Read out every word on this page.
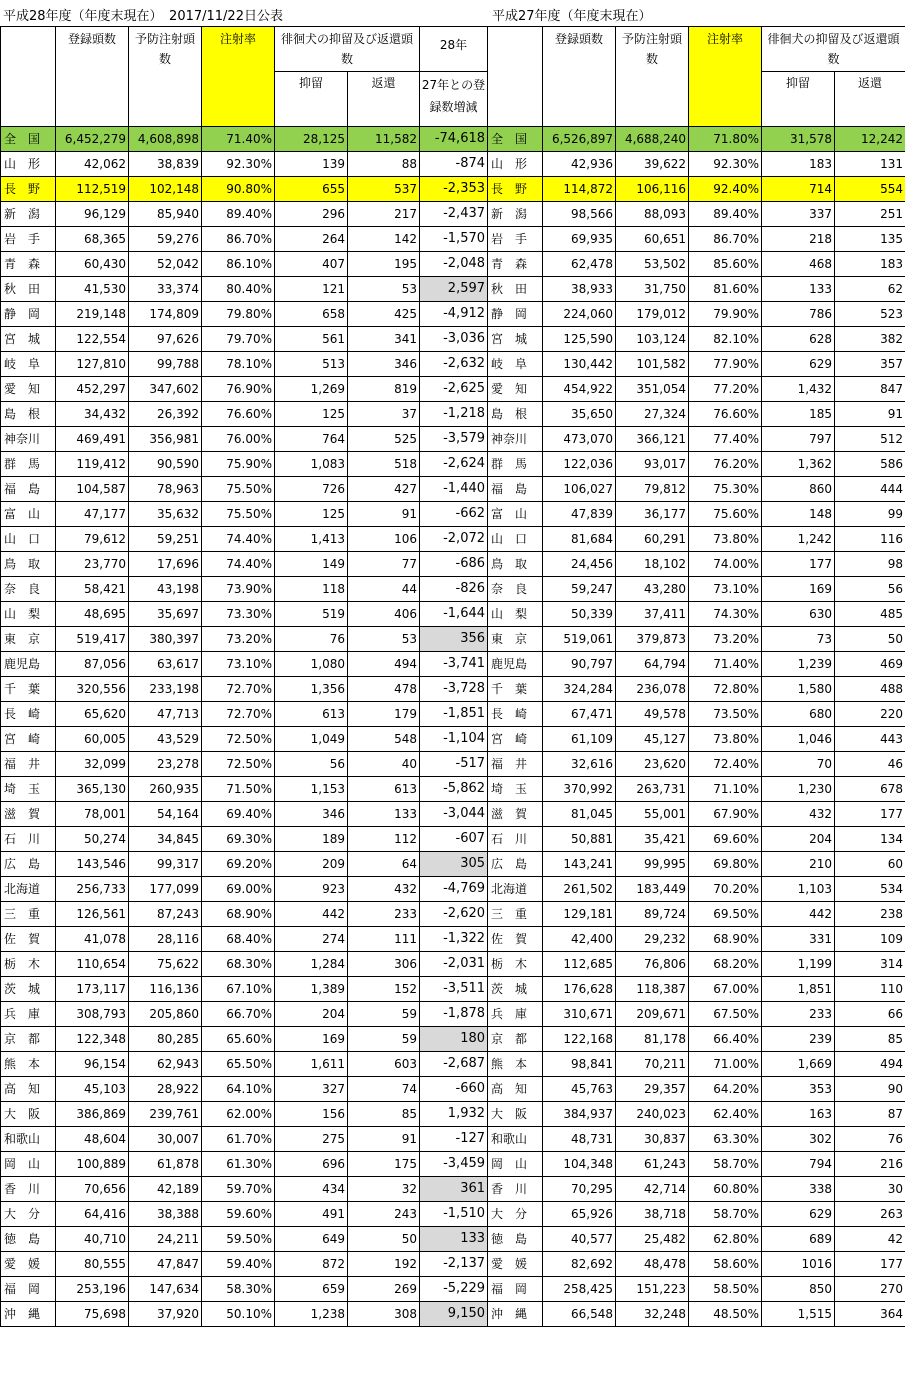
平成28年度（年度末現在）　2017/11/22日公表	平成27年度（年度末現在）
	登録頭数	予防注射頭数	注射率	徘徊犬の抑留及び返還頭数		28年		登録頭数	予防注射頭数	注射率	徘徊犬の抑留及び返還頭数	
				抑留	返還	27年との登録数増減					抑留	返還
全　国	6,452,279	4,608,898	71.40%	28,125	11,582	-74,618	全　国	6,526,897	4,688,240	71.80%	31,578	12,242
山　形	42,062	38,839	92.30%	139	88	-874	山　形	42,936	39,622	92.30%	183	131
長　野	112,519	102,148	90.80%	655	537	-2,353	長　野	114,872	106,116	92.40%	714	554
新　潟	96,129	85,940	89.40%	296	217	-2,437	新　潟	98,566	88,093	89.40%	337	251
岩　手	68,365	59,276	86.70%	264	142	-1,570	岩　手	69,935	60,651	86.70%	218	135
青　森	60,430	52,042	86.10%	407	195	-2,048	青　森	62,478	53,502	85.60%	468	183
秋　田	41,530	33,374	80.40%	121	53	2,597	秋　田	38,933	31,750	81.60%	133	62
静　岡	219,148	174,809	79.80%	658	425	-4,912	静　岡	224,060	179,012	79.90%	786	523
宮　城	122,554	97,626	79.70%	561	341	-3,036	宮　城	125,590	103,124	82.10%	628	382
岐　阜	127,810	99,788	78.10%	513	346	-2,632	岐　阜	130,442	101,582	77.90%	629	357
愛　知	452,297	347,602	76.90%	1,269	819	-2,625	愛　知	454,922	351,054	77.20%	1,432	847
島　根	34,432	26,392	76.60%	125	37	-1,218	島　根	35,650	27,324	76.60%	185	91
神奈川	469,491	356,981	76.00%	764	525	-3,579	神奈川	473,070	366,121	77.40%	797	512
群　馬	119,412	90,590	75.90%	1,083	518	-2,624	群　馬	122,036	93,017	76.20%	1,362	586
福　島	104,587	78,963	75.50%	726	427	-1,440	福　島	106,027	79,812	75.30%	860	444
富　山	47,177	35,632	75.50%	125	91	-662	富　山	47,839	36,177	75.60%	148	99
山　口	79,612	59,251	74.40%	1,413	106	-2,072	山　口	81,684	60,291	73.80%	1,242	116
鳥　取	23,770	17,696	74.40%	149	77	-686	鳥　取	24,456	18,102	74.00%	177	98
奈　良	58,421	43,198	73.90%	118	44	-826	奈　良	59,247	43,280	73.10%	169	56
山　梨	48,695	35,697	73.30%	519	406	-1,644	山　梨	50,339	37,411	74.30%	630	485
東　京	519,417	380,397	73.20%	76	53	356	東　京	519,061	379,873	73.20%	73	50
鹿児島	87,056	63,617	73.10%	1,080	494	-3,741	鹿児島	90,797	64,794	71.40%	1,239	469
千　葉	320,556	233,198	72.70%	1,356	478	-3,728	千　葉	324,284	236,078	72.80%	1,580	488
長　崎	65,620	47,713	72.70%	613	179	-1,851	長　崎	67,471	49,578	73.50%	680	220
宮　崎	60,005	43,529	72.50%	1,049	548	-1,104	宮　崎	61,109	45,127	73.80%	1,046	443
福　井	32,099	23,278	72.50%	56	40	-517	福　井	32,616	23,620	72.40%	70	46
埼　玉	365,130	260,935	71.50%	1,153	613	-5,862	埼　玉	370,992	263,731	71.10%	1,230	678
滋　賀	78,001	54,164	69.40%	346	133	-3,044	滋　賀	81,045	55,001	67.90%	432	177
石　川	50,274	34,845	69.30%	189	112	-607	石　川	50,881	35,421	69.60%	204	134
広　島	143,546	99,317	69.20%	209	64	305	広　島	143,241	99,995	69.80%	210	60
北海道	256,733	177,099	69.00%	923	432	-4,769	北海道	261,502	183,449	70.20%	1,103	534
三　重	126,561	87,243	68.90%	442	233	-2,620	三　重	129,181	89,724	69.50%	442	238
佐　賀	41,078	28,116	68.40%	274	111	-1,322	佐　賀	42,400	29,232	68.90%	331	109
栃　木	110,654	75,622	68.30%	1,284	306	-2,031	栃　木	112,685	76,806	68.20%	1,199	314
茨　城	173,117	116,136	67.10%	1,389	152	-3,511	茨　城	176,628	118,387	67.00%	1,851	110
兵　庫	308,793	205,860	66.70%	204	59	-1,878	兵　庫	310,671	209,671	67.50%	233	66
京　都	122,348	80,285	65.60%	169	59	180	京　都	122,168	81,178	66.40%	239	85
熊　本	96,154	62,943	65.50%	1,611	603	-2,687	熊　本	98,841	70,211	71.00%	1,669	494
高　知	45,103	28,922	64.10%	327	74	-660	高　知	45,763	29,357	64.20%	353	90
大　阪	386,869	239,761	62.00%	156	85	1,932	大　阪	384,937	240,023	62.40%	163	87
和歌山	48,604	30,007	61.70%	275	91	-127	和歌山	48,731	30,837	63.30%	302	76
岡　山	100,889	61,878	61.30%	696	175	-3,459	岡　山	104,348	61,243	58.70%	794	216
香　川	70,656	42,189	59.70%	434	32	361	香　川	70,295	42,714	60.80%	338	30
大　分	64,416	38,388	59.60%	491	243	-1,510	大　分	65,926	38,718	58.70%	629	263
徳　島	40,710	24,211	59.50%	649	50	133	徳　島	40,577	25,482	62.80%	689	42
愛　媛	80,555	47,847	59.40%	872	192	-2,137	愛　媛	82,692	48,478	58.60%	1016	177
福　岡	253,196	147,634	58.30%	659	269	-5,229	福　岡	258,425	151,223	58.50%	850	270
沖　縄	75,698	37,920	50.10%	1,238	308	9,150	沖　縄	66,548	32,248	48.50%	1,515	364
